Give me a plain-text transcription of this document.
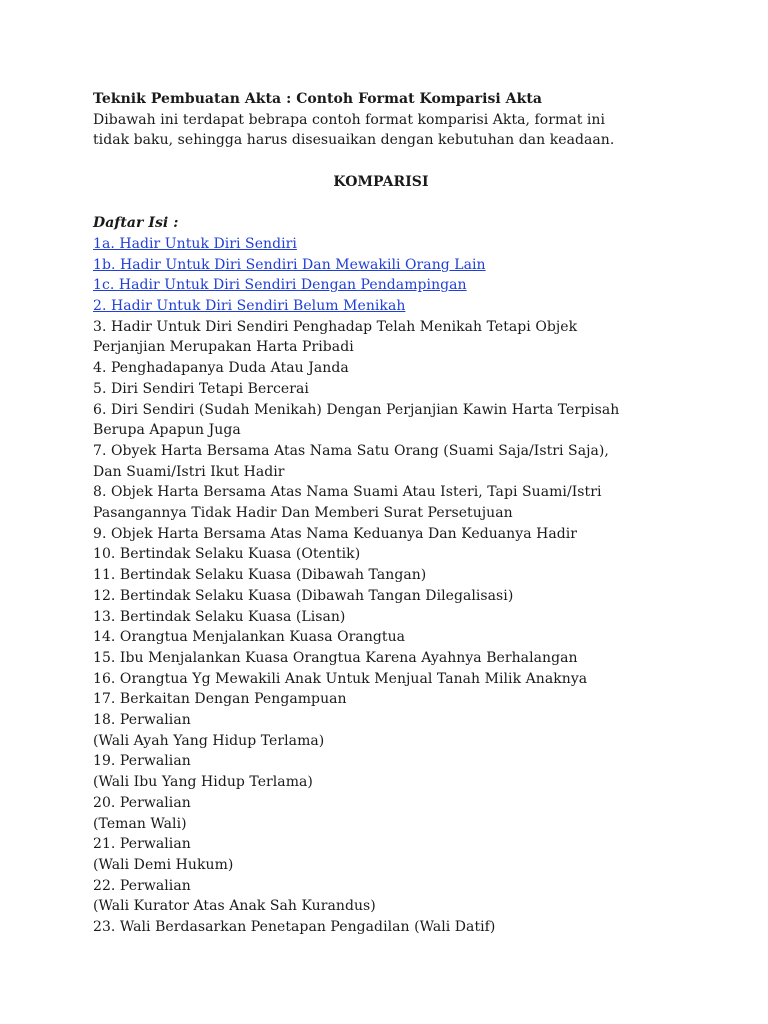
Teknik Pembuatan Akta : Contoh Format Komparisi Akta
Dibawah ini terdapat bebrapa contoh format komparisi Akta, format ini
tidak baku, sehingga harus disesuaikan dengan kebutuhan dan keadaan.
KOMPARISI
Daftar Isi :
1a. Hadir Untuk Diri Sendiri
1b. Hadir Untuk Diri Sendiri Dan Mewakili Orang Lain
1c. Hadir Untuk Diri Sendiri Dengan Pendampingan
2. Hadir Untuk Diri Sendiri Belum Menikah
3. Hadir Untuk Diri Sendiri Penghadap Telah Menikah Tetapi Objek
Perjanjian Merupakan Harta Pribadi
4. Penghadapanya Duda Atau Janda
5. Diri Sendiri Tetapi Bercerai
6. Diri Sendiri (Sudah Menikah) Dengan Perjanjian Kawin Harta Terpisah
Berupa Apapun Juga
7. Obyek Harta Bersama Atas Nama Satu Orang (Suami Saja/Istri Saja),
Dan Suami/Istri Ikut Hadir
8. Objek Harta Bersama Atas Nama Suami Atau Isteri, Tapi Suami/Istri
Pasangannya Tidak Hadir Dan Memberi Surat Persetujuan
9. Objek Harta Bersama Atas Nama Keduanya Dan Keduanya Hadir
10. Bertindak Selaku Kuasa (Otentik)
11. Bertindak Selaku Kuasa (Dibawah Tangan)
12. Bertindak Selaku Kuasa (Dibawah Tangan Dilegalisasi)
13. Bertindak Selaku Kuasa (Lisan)
14. Orangtua Menjalankan Kuasa Orangtua
15. Ibu Menjalankan Kuasa Orangtua Karena Ayahnya Berhalangan
16. Orangtua Yg Mewakili Anak Untuk Menjual Tanah Milik Anaknya
17. Berkaitan Dengan Pengampuan
18. Perwalian
(Wali Ayah Yang Hidup Terlama)
19. Perwalian
(Wali Ibu Yang Hidup Terlama)
20. Perwalian
(Teman Wali)
21. Perwalian
(Wali Demi Hukum)
22. Perwalian
(Wali Kurator Atas Anak Sah Kurandus)
23. Wali Berdasarkan Penetapan Pengadilan (Wali Datif)
